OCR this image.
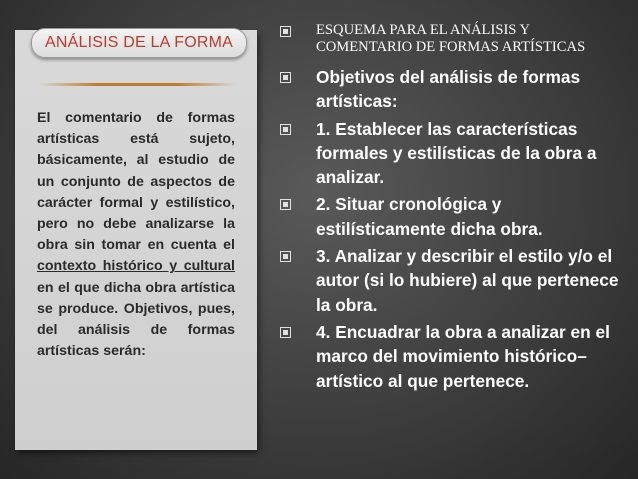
ANÁLISIS DE LA FORMA
El comentario de formas artísticas está sujeto, básicamente, al estudio de un conjunto de aspectos de carácter formal y estilístico, pero no debe analizarse la obra sin tomar en cuenta el contexto histórico y cultural en el que dicha obra artística se produce. Objetivos, pues, del análisis de formas artísticas serán:
ESQUEMA PARA EL ANÁLISIS Y COMENTARIO DE FORMAS ARTÍSTICAS
Objetivos del análisis de formas artísticas:
1. Establecer las características formales y estilísticas de la obra a analizar.
2. Situar cronológica y estilísticamente dicha obra.
3. Analizar y describir el estilo y/o el autor (si lo hubiere) al que pertenece la obra.
4. Encuadrar la obra a analizar en el marco del movimiento histórico–artístico al que pertenece.
